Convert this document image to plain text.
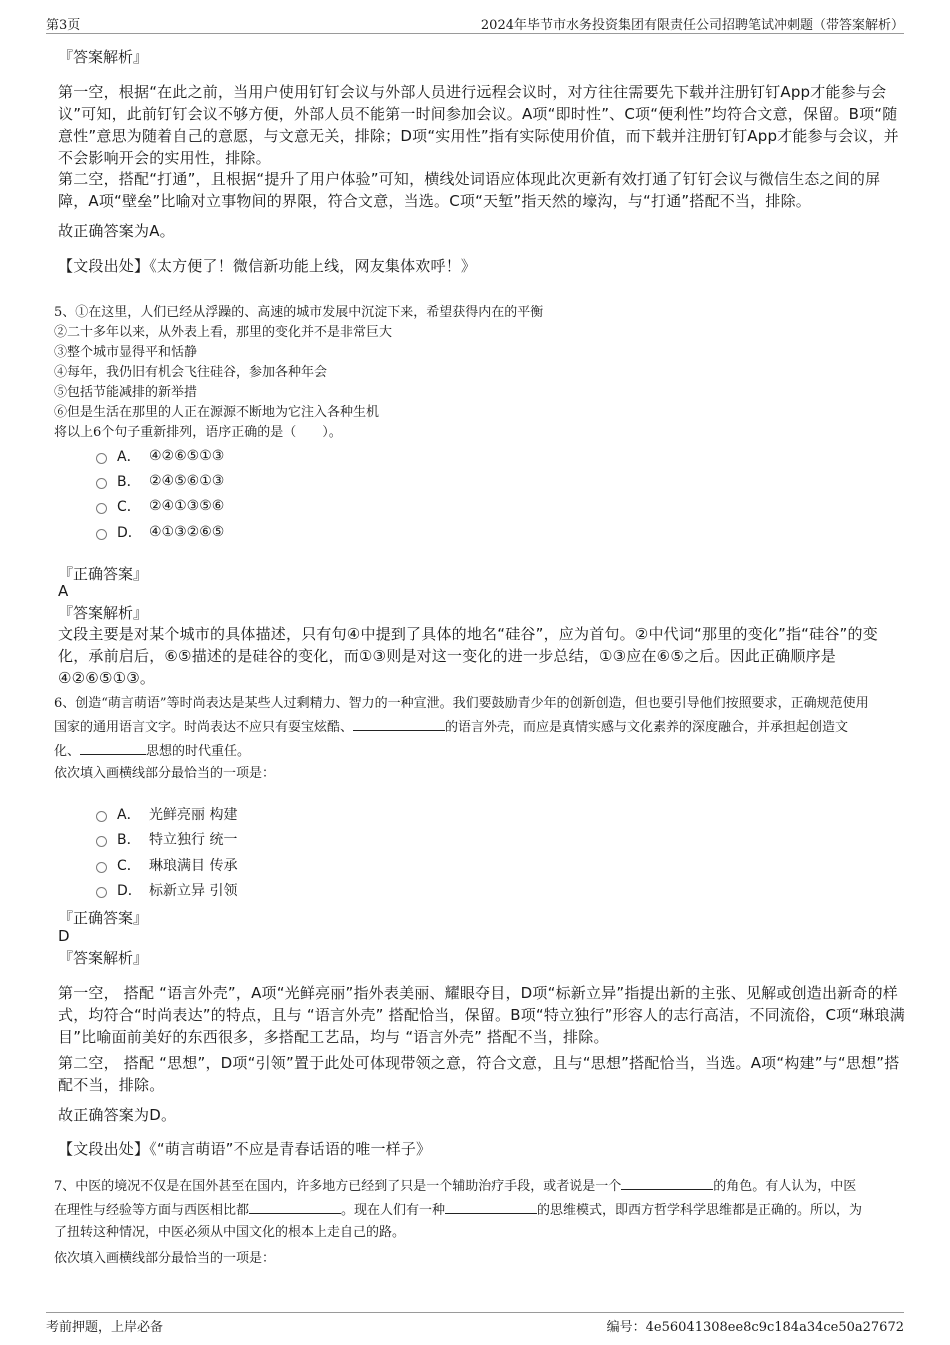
第3页	2024年毕节市水务投资集团有限责任公司招聘笔试冲刺题（带答案解析）
『答案解析』

第一空，根据“在此之前，当用户使用钉钉会议与外部人员进行远程会议时，对方往往需要先下载并注册钉钉App才能参与会

议”可知，此前钉钉会议不够方便，外部人员不能第一时间参加会议。A项“即时性”、C项“便利性”均符合文意，保留。B项“随

意性”意思为随着自己的意愿，与文意无关，排除；D项“实用性”指有实际使用价值，而下载并注册钉钉App才能参与会议，并

不会影响开会的实用性，排除。

第二空，搭配“打通”，且根据“提升了用户体验”可知，横线处词语应体现此次更新有效打通了钉钉会议与微信生态之间的屏

障，A项“壁垒”比喻对立事物间的界限，符合文意，当选。C项“天堑”指天然的壕沟，与“打通”搭配不当，排除。

故正确答案为A。
【文段出处】《太方便了！微信新功能上线，网友集体欢呼！》
5、①在这里，人们已经从浮躁的、高速的城市发展中沉淀下来，希望获得内在的平衡
②二十多年以来，从外表上看，那里的变化并不是非常巨大
③整个城市显得平和恬静
④每年，我仍旧有机会飞往硅谷，参加各种年会
⑤包括节能减排的新举措
⑥但是生活在那里的人正在源源不断地为它注入各种生机
将以上6个句子重新排列，语序正确的是（　　）。
A． ④②⑥⑤①③
B． ②④⑤⑥①③
C． ②④①③⑤⑥
D． ④①③②⑥⑤
『正确答案』
A
『答案解析』

文段主要是对某个城市的具体描述，只有句④中提到了具体的地名“硅谷”，应为首句。②中代词“那里的变化”指“硅谷”的变

化，承前启后，⑥⑤描述的是硅谷的变化，而①③则是对这一变化的进一步总结，①③应在⑥⑤之后。因此正确顺序是

④②⑥⑤①③。

6、创造“萌言萌语”等时尚表达是某些人过剩精力、智力的一种宣泄。我们要鼓励青少年的创新创造，但也要引导他们按照要求，正确规范使用
国家的通用语言文字。时尚表达不应只有耍宝炫酷、	的语言外壳，而应是真情实感与文化素养的深度融合，并承担起创造文
化、	思想的时代重任。
依次填入画横线部分最恰当的一项是：
A． 光鲜亮丽 构建
B． 特立独行 统一
C． 琳琅满目 传承
D． 标新立异 引领
『正确答案』
D
『答案解析』

第一空， 搭配 “语言外壳”，A项“光鲜亮丽”指外表美丽、耀眼夺目，D项“标新立异”指提出新的主张、见解或创造出新奇的样

式，均符合“时尚表达”的特点，且与 “语言外壳” 搭配恰当，保留。B项“特立独行”形容人的志行高洁，不同流俗，C项“琳琅满

目”比喻面前美好的东西很多，多搭配工艺品，均与 “语言外壳” 搭配不当，排除。

第二空， 搭配 “思想”，D项“引领”置于此处可体现带领之意，符合文意，且与“思想”搭配恰当，当选。A项“构建”与“思想”搭

配不当，排除。

故正确答案为D。
【文段出处】《“萌言萌语”不应是青春话语的唯一样子》
7、中医的境况不仅是在国外甚至在国内，许多地方已经到了只是一个辅助治疗手段，或者说是一个	的角色。有人认为，中医
在理性与经验等方面与西医相比都	。现在人们有一种	的思维模式，即西方哲学科学思维都是正确的。所以，为
了扭转这种情况，中医必须从中国文化的根本上走自己的路。
依次填入画横线部分最恰当的一项是：
考前押题，上岸必备	编号：4e56041308ee8c9c184a34ce50a27672
